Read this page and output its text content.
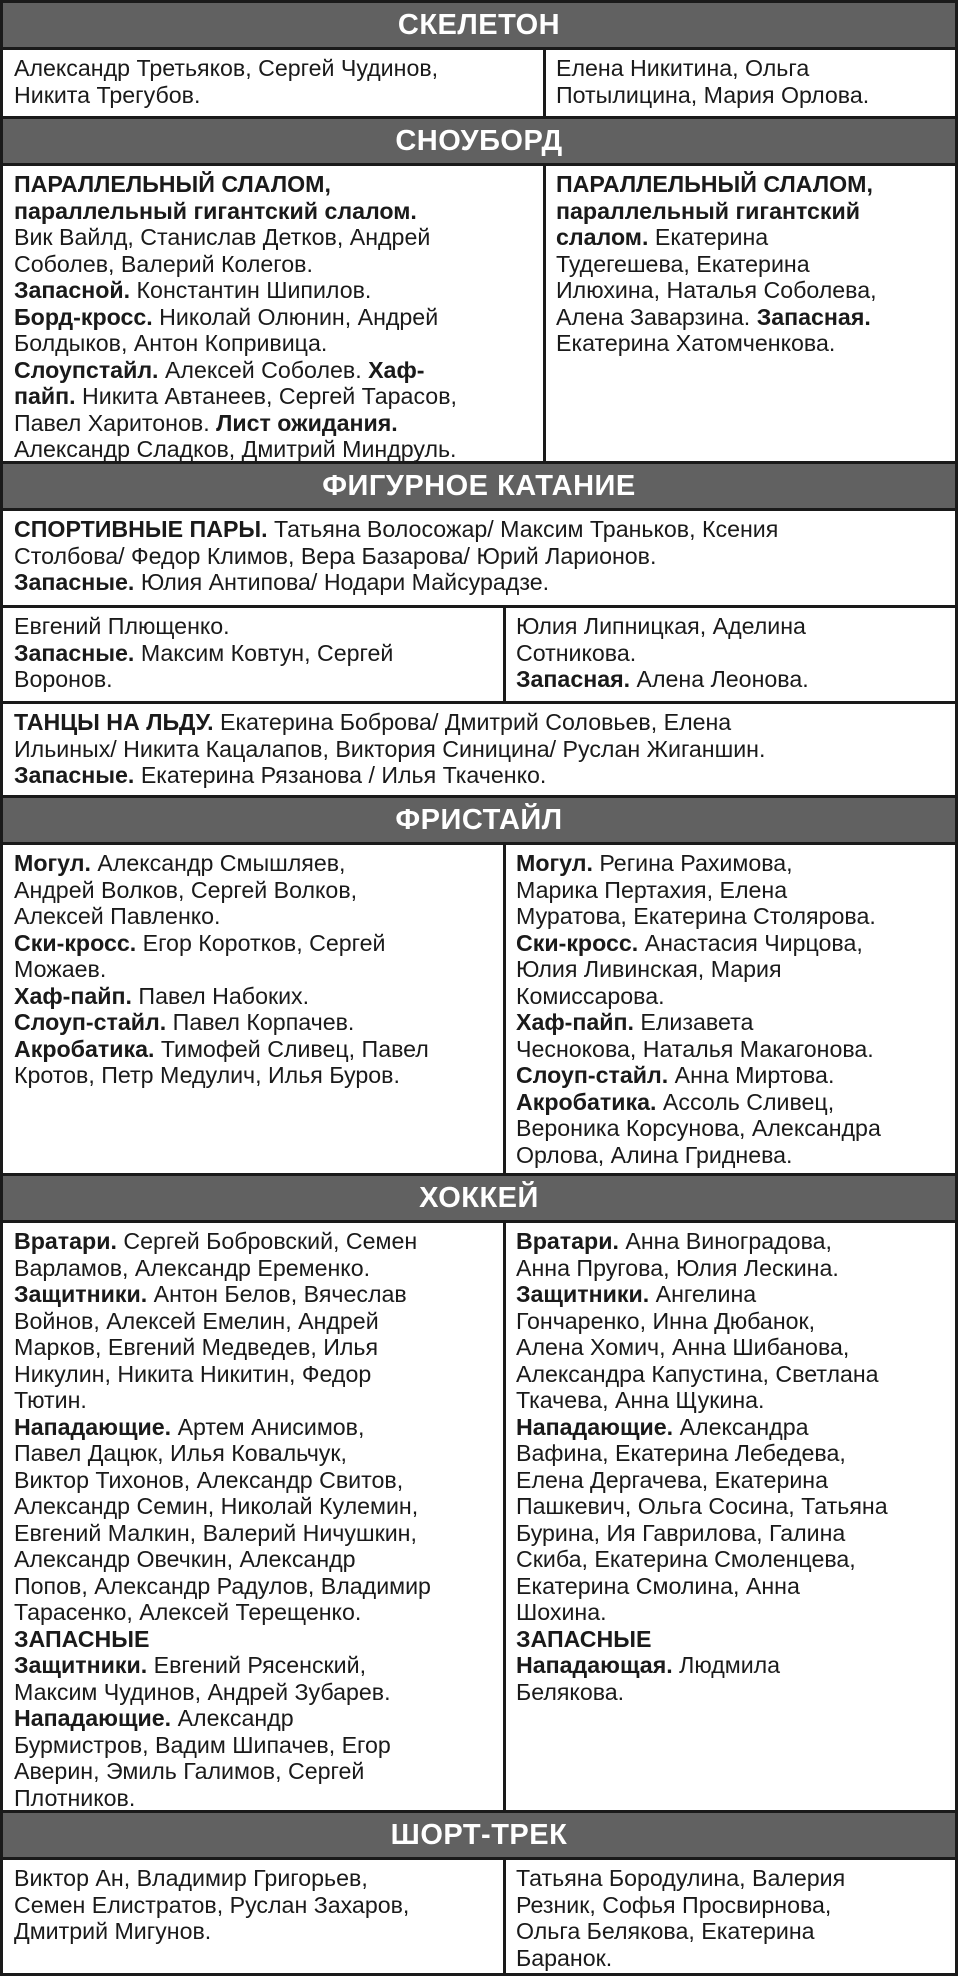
СКЕЛЕТОН

Александр Третьяков, Сергей Чудинов,

Никита Трегубов.

Елена Никитина, Ольга

Потылицина, Мария Орлова.

СНОУБОРД

ПАРАЛЛЕЛЬНЫЙ СЛАЛОМ,

параллельный гигантский слалом.

Вик Вайлд, Станислав Детков, Андрей

Соболев, Валерий Колегов.

Запасной. Константин Шипилов.

Борд-кросс. Николай Олюнин, Андрей

Болдыков, Антон Копривица.

Слоупстайл. Алексей Соболев. Хаф-

пайп. Никита Автанеев, Сергей Тарасов,

Павел Харитонов. Лист ожидания.

Александр Сладков, Дмитрий Миндруль.

ПАРАЛЛЕЛЬНЫЙ СЛАЛОМ,

параллельный гигантский

слалом. Екатерина

Тудегешева, Екатерина

Илюхина, Наталья Соболева,

Алена Заварзина. Запасная.

Екатерина Хатомченкова.

ФИГУРНОЕ КАТАНИЕ

СПОРТИВНЫЕ ПАРЫ. Татьяна Волосожар/ Максим Траньков, Ксения

Столбова/ Федор Климов, Вера Базарова/ Юрий Ларионов.

Запасные. Юлия Антипова/ Нодари Майсурадзе.

Евгений Плющенко.

Запасные. Максим Ковтун, Сергей

Воронов.

Юлия Липницкая, Аделина

Сотникова.

Запасная. Алена Леонова.

ТАНЦЫ НА ЛЬДУ. Екатерина Боброва/ Дмитрий Соловьев, Елена

Ильиных/ Никита Кацалапов, Виктория Синицина/ Руслан Жиганшин.

Запасные. Екатерина Рязанова / Илья Ткаченко.

ФРИСТАЙЛ

Могул. Александр Смышляев,

Андрей Волков, Сергей Волков,

Алексей Павленко.

Ски-кросс. Егор Коротков, Сергей

Можаев.

Хаф-пайп. Павел Набоких.

Слоуп-стайл. Павел Корпачев.

Акробатика. Тимофей Сливец, Павел

Кротов, Петр Медулич, Илья Буров.

Могул. Регина Рахимова,

Марика Пертахия, Елена

Муратова, Екатерина Столярова.

Ски-кросс. Анастасия Чирцова,

Юлия Ливинская, Мария

Комиссарова.

Хаф-пайп. Елизавета

Чеснокова, Наталья Макагонова.

Слоуп-стайл. Анна Миртова.

Акробатика. Ассоль Сливец,

Вероника Корсунова, Александра

Орлова, Алина Гриднева.

ХОККЕЙ

Вратари. Сергей Бобровский, Семен

Варламов, Александр Еременко.

Защитники. Антон Белов, Вячеслав

Войнов, Алексей Емелин, Андрей

Марков, Евгений Медведев, Илья

Никулин, Никита Никитин, Федор

Тютин.

Нападающие. Артем Анисимов,

Павел Дацюк, Илья Ковальчук,

Виктор Тихонов, Александр Свитов,

Александр Семин, Николай Кулемин,

Евгений Малкин, Валерий Ничушкин,

Александр Овечкин, Александр

Попов, Александр Радулов, Владимир

Тарасенко, Алексей Терещенко.

ЗАПАСНЫЕ

Защитники. Евгений Рясенский,

Максим Чудинов, Андрей Зубарев.

Нападающие. Александр

Бурмистров, Вадим Шипачев, Егор

Аверин, Эмиль Галимов, Сергей

Плотников.

Вратари. Анна Виноградова,

Анна Пругова, Юлия Лескина.

Защитники. Ангелина

Гончаренко, Инна Дюбанок,

Алена Хомич, Анна Шибанова,

Александра Капустина, Светлана

Ткачева, Анна Щукина.

Нападающие. Александра

Вафина, Екатерина Лебедева,

Елена Дергачева, Екатерина

Пашкевич, Ольга Сосина, Татьяна

Бурина, Ия Гаврилова, Галина

Скиба, Екатерина Смоленцева,

Екатерина Смолина, Анна

Шохина.

ЗАПАСНЫЕ

Нападающая. Людмила

Белякова.

ШОРТ-ТРЕК

Виктор Ан, Владимир Григорьев,

Семен Елистратов, Руслан Захаров,

Дмитрий Мигунов.

Татьяна Бородулина, Валерия

Резник, Софья Просвирнова,

Ольга Белякова, Екатерина

Баранок.
